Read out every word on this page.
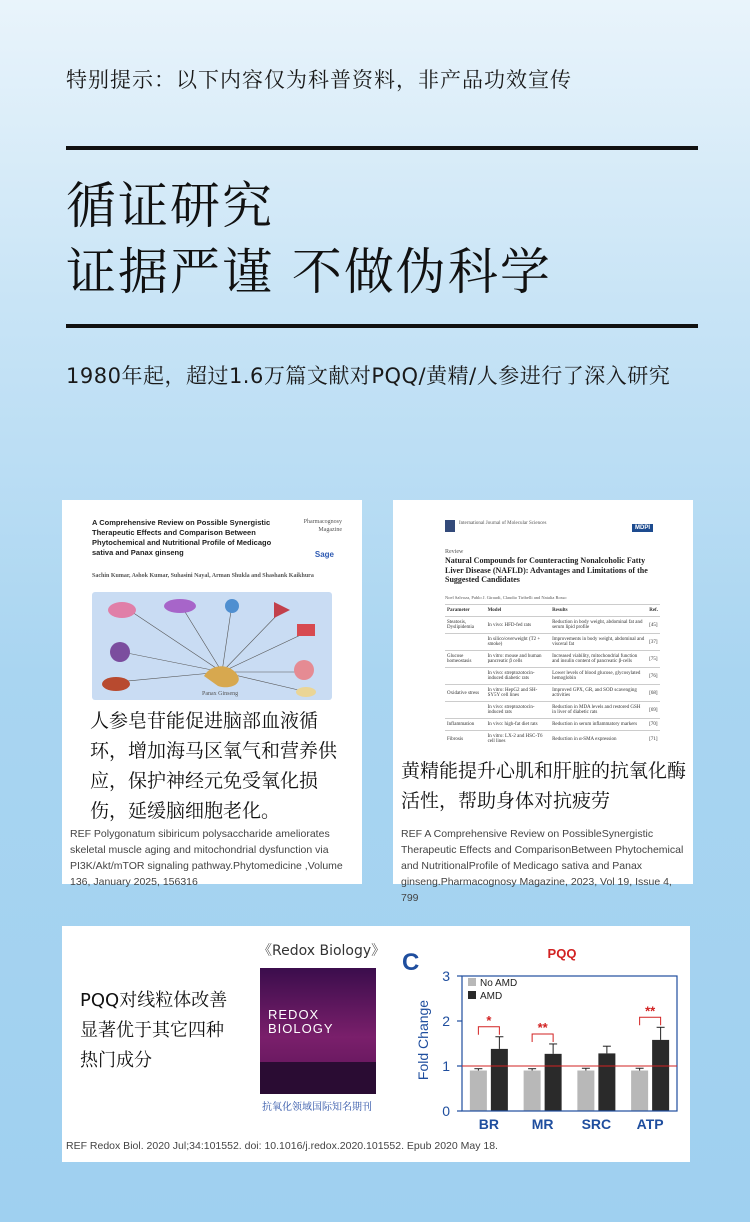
特别提示：以下内容仅为科普资料，非产品功效宣传
循证研究
证据严谨 不做伪科学
1980年起，超过1.6万篇文献对PQQ/黄精/人参进行了深入研究
A Comprehensive Review on Possible Synergistic Therapeutic Effects and Comparison Between Phytochemical and Nutritional Profile of Medicago sativa and Panax ginseng
Pharmacognosy Magazine
Sage
Sachin Kumar, Ashok Kumar, Suhasini Nayal, Arman Shukla and Shashank Kaikhura
Panax Ginseng
人参皂苷能促进脑部血液循环，增加海马区氧气和营养供应，保护神经元免受氧化损伤，延缓脑细胞老化。
REF Polygonatum sibiricum polysaccharide ameliorates skeletal muscle aging and mitochondrial dysfunction via PI3K/Akt/mTOR signaling pathway.Phytomedicine ,Volume 136, January 2025, 156316
International Journal of Molecular Sciences
MDPI
Review
Natural Compounds for Counteracting Nonalcoholic Fatty Liver Disease (NAFLD): Advantages and Limitations of the Suggested Candidates
Noel Salvoza, Pablo J. Giraudi, Claudio Tiribelli and Natalia Rosso
Parameter	Model	Results	Ref.
Steatosis, Dyslipidemia	In vivo: HFD-fed rats	Reduction in body weight, abdominal fat and serum lipid profile	[45]
	In silico/overweight (T2 + smoke)	Improvements in body weight, abdominal and visceral fat	[37]
Glucose homeostasis	In vitro: mouse and human pancreatic β cells	Increased viability, mitochondrial function and insulin content of pancreatic β-cells	[75]
	In vivo: streptozotocin-induced diabetic rats	Lower levels of blood glucose, glycosylated hemoglobin	[76]
Oxidative stress	In vitro: HepG2 and SH-SY5Y cell lines	Improved GPX, GR, and SOD scavenging activities	[68]
	In vivo: streptozotocin-induced rats	Reduction in MDA levels and restored GSH in liver of diabetic rats	[69]
Inflammation	In vivo: high-fat diet rats	Reduction in serum inflammatory markers	[70]
Fibrosis	In vitro: LX-2 and HSC-T6 cell lines	Reduction in α-SMA expression	[71]
黄精能提升心肌和肝脏的抗氧化酶活性，帮助身体对抗疲劳
REF A Comprehensive Review on PossibleSynergistic Therapeutic Effects and ComparisonBetween Phytochemical and NutritionalProfile of Medicago sativa and Panax ginseng.Pharmacognosy Magazine, 2023, Vol 19, Issue 4, 799
PQQ对线粒体改善显著优于其它四种热门成分
《Redox Biology》
REDOX BIOLOGY
抗氧化领域国际知名期刊
C	PQQ
Fold Change	*	**
**
0
1
2
3
BR MR SRC ATP
No AMD
AMD
REF Redox Biol. 2020 Jul;34:101552. doi: 10.1016/j.redox.2020.101552. Epub 2020 May 18.
